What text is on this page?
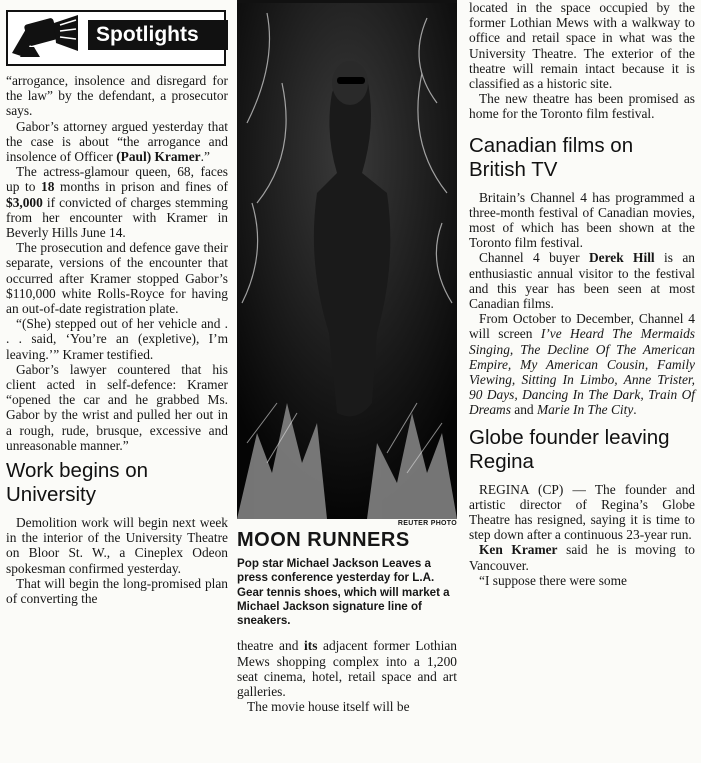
Spotlights

“arrogance, insolence and disregard for the law” by the defendant, a prosecutor says.

Gabor’s attorney argued yesterday that the case is about “the arrogance and insolence of Officer (Paul) Kramer.”

The actress-glamour queen, 68, faces up to 18 months in prison and fines of $3,000 if convicted of charges stemming from her encounter with Kramer in Beverly Hills June 14.

The prosecution and defence gave their separate, versions of the encounter that occurred after Kramer stopped Gabor’s $110,000 white Rolls-Royce for having an out-of-date registration plate.

“(She) stepped out of her vehicle and . . . said, ‘You’re an (expletive), I’m leaving.’” Kramer testified.

Gabor’s lawyer countered that his client acted in self-defence: Kramer “opened the car and he grabbed Ms. Gabor by the wrist and pulled her out in a rough, rude, brusque, excessive and unreasonable manner.”

Work begins on University

Demolition work will begin next week in the interior of the University Theatre on Bloor St. W., a Cineplex Odeon spokesman confirmed yesterday.

That will begin the long-promised plan of converting the

REUTER PHOTO
MOON RUNNERS

Pop star Michael Jackson Leaves a press conference yesterday for L.A. Gear tennis shoes, which will market a Michael Jackson signature line of sneakers.

theatre and its adjacent former Lothian Mews shopping complex into a 1,200 seat cinema, hotel, retail space and art galleries.

The movie house itself will be

located in the space occupied by the former Lothian Mews with a walkway to office and retail space in what was the University Theatre. The exterior of the theatre will remain intact because it is classified as a historic site.

The new theatre has been promised as home for the Toronto film festival.

Canadian films on British TV

Britain’s Channel 4 has programmed a three-month festival of Canadian movies, most of which has been shown at the Toronto film festival.

Channel 4 buyer Derek Hill is an enthusiastic annual visitor to the festival and this year has been seen at most Canadian films.

From October to December, Channel 4 will screen I’ve Heard The Mermaids Singing, The Decline Of The American Empire, My American Cousin, Family Viewing, Sitting In Limbo, Anne Trister, 90 Days, Dancing In The Dark, Train Of Dreams and Marie In The City.

Globe founder leaving Regina

REGINA (CP) — The founder and artistic director of Regina’s Globe Theatre has resigned, saying it is time to step down after a continuous 23-year run.

Ken Kramer said he is moving to Vancouver.

“I suppose there were some
